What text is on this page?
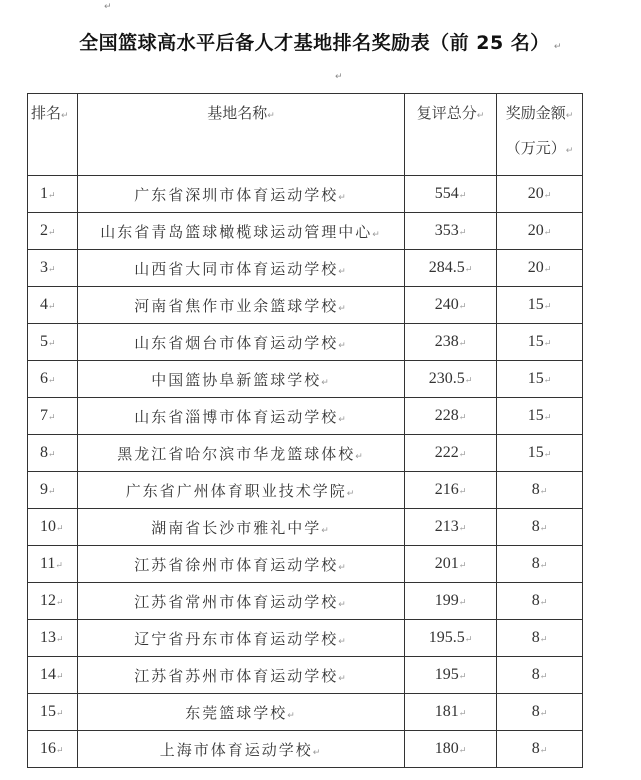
↵
全国篮球高水平后备人才基地排名奖励表（前 25 名） ↵
↵
排名↵	基地名称↵	复评总分↵	奖励金额↵
（万元）↵

1↵	广东省深圳市体育运动学校↵	554↵	20↵
2↵	山东省青岛篮球橄榄球运动管理中心↵	353↵	20↵
3↵	山西省大同市体育运动学校↵	284.5↵	20↵
4↵	河南省焦作市业余篮球学校↵	240↵	15↵
5↵	山东省烟台市体育运动学校↵	238↵	15↵
6↵	中国篮协阜新篮球学校↵	230.5↵	15↵
7↵	山东省淄博市体育运动学校↵	228↵	15↵
8↵	黑龙江省哈尔滨市华龙篮球体校↵	222↵	15↵
9↵	广东省广州体育职业技术学院↵	216↵	8↵
10↵	湖南省长沙市雅礼中学↵	213↵	8↵
11↵	江苏省徐州市体育运动学校↵	201↵	8↵
12↵	江苏省常州市体育运动学校↵	199↵	8↵
13↵	辽宁省丹东市体育运动学校↵	195.5↵	8↵
14↵	江苏省苏州市体育运动学校↵	195↵	8↵
15↵	东莞篮球学校↵	181↵	8↵
16↵	上海市体育运动学校↵	180↵	8↵
